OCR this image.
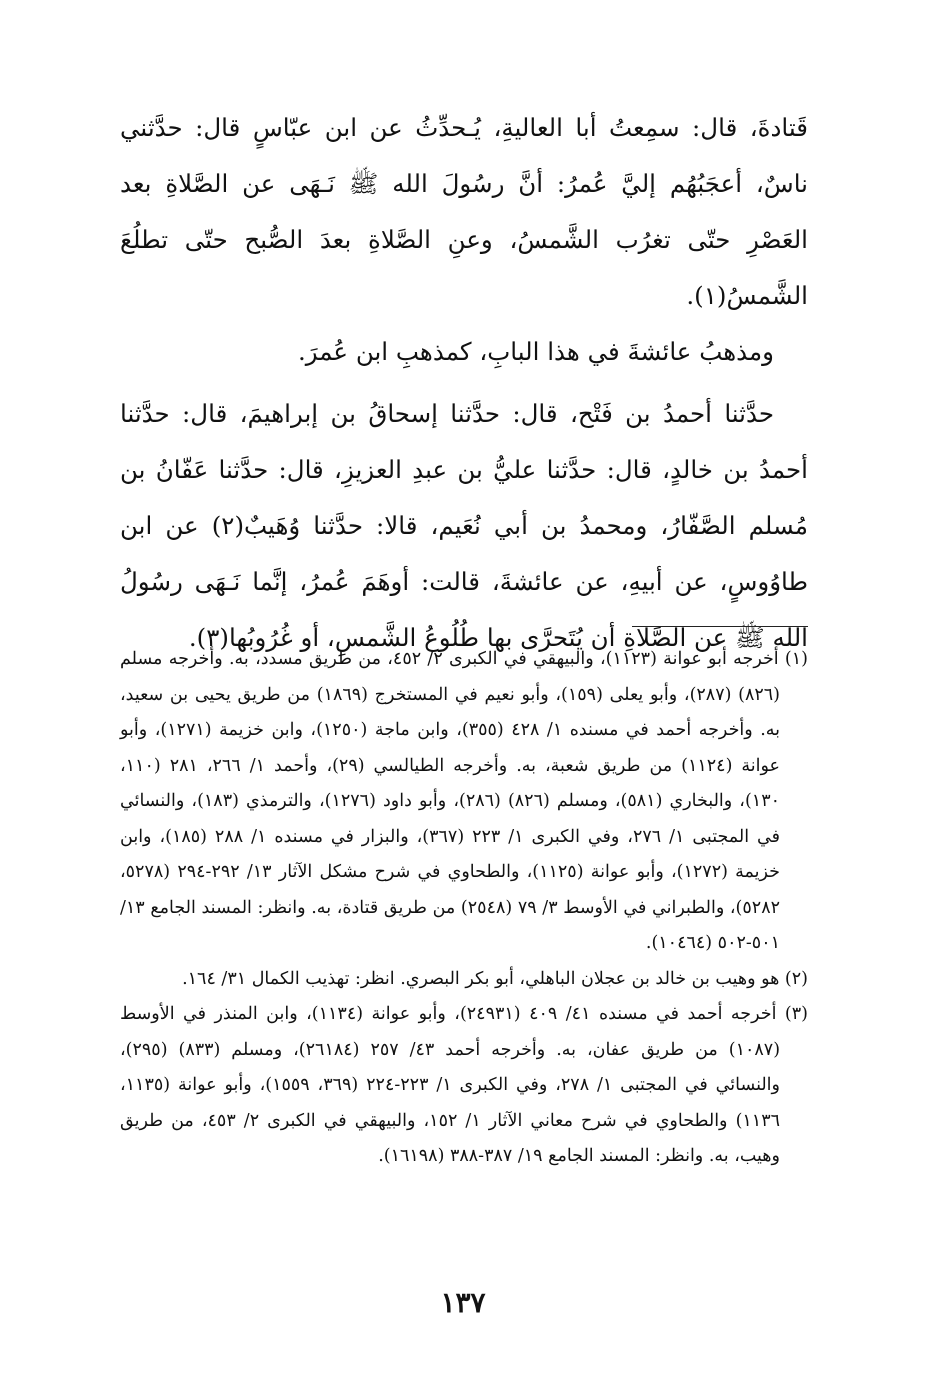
قَتادةَ، قال: سمِعتُ أبا العاليةِ، يُـحدِّثُ عن ابن عبّاسٍ قال: حدَّثني ناسٌ، أعجَبُهُم إليَّ عُمرُ: أنَّ رسُولَ الله ﷺ نَـهَى عن الصَّلاةِ بعد العَصْرِ حتّى تغرُب الشَّمسُ، وعنِ الصَّلاةِ بعدَ الصُّبح حتّى تطلُعَ الشَّمسُ(١).

ومذهبُ عائشةَ في هذا البابِ، كمذهبِ ابن عُمرَ.

حدَّثنا أحمدُ بن فَتْح، قال: حدَّثنا إسحاقُ بن إبراهيمَ، قال: حدَّثنا أحمدُ بن خالدٍ، قال: حدَّثنا عليُّ بن عبدِ العزيزِ، قال: حدَّثنا عَفّانُ بن مُسلم الصَّفّارُ، ومحمدُ بن أبي نُعَيم، قالا: حدَّثنا وُهَيبٌ(٢) عن ابن طاوُوسٍ، عن أبيهِ، عن عائشةَ، قالت: أوهَمَ عُمرُ، إنَّما نَـهَى رسُولُ الله ﷺ عن الصَّلاةِ أن يُتَحرَّى بها طُلُوعُ الشَّمسِ، أو غُرُوبُها(٣).

(١) أخرجه أبو عوانة (١١٢٣)، والبيهقي في الكبرى ٢/ ٤٥٢، من طريق مسدد، به. وأخرجه مسلم (٨٢٦) (٢٨٧)، وأبو يعلى (١٥٩)، وأبو نعيم في المستخرج (١٨٦٩) من طريق يحيى بن سعيد، به. وأخرجه أحمد في مسنده ١/ ٤٢٨ (٣٥٥)، وابن ماجة (١٢٥٠)، وابن خزيمة (١٢٧١)، وأبو عوانة (١١٢٤) من طريق شعبة، به. وأخرجه الطيالسي (٢٩)، وأحمد ١/ ٢٦٦، ٢٨١ (١١٠، ١٣٠)، والبخاري (٥٨١)، ومسلم (٨٢٦) (٢٨٦)، وأبو داود (١٢٧٦)، والترمذي (١٨٣)، والنسائي في المجتبى ١/ ٢٧٦، وفي الكبرى ١/ ٢٢٣ (٣٦٧)، والبزار في مسنده ١/ ٢٨٨ (١٨٥)، وابن خزيمة (١٢٧٢)، وأبو عوانة (١١٢٥)، والطحاوي في شرح مشكل الآثار ١٣/ ٢٩٢-٢٩٤ (٥٢٧٨، ٥٢٨٢)، والطبراني في الأوسط ٣/ ٧٩ (٢٥٤٨) من طريق قتادة، به. وانظر: المسند الجامع ١٣/ ٥٠١-٥٠٢ (١٠٤٦٤).

(٢) هو وهيب بن خالد بن عجلان الباهلي، أبو بكر البصري. انظر: تهذيب الكمال ٣١/ ١٦٤.

(٣) أخرجه أحمد في مسنده ٤١/ ٤٠٩ (٢٤٩٣١)، وأبو عوانة (١١٣٤)، وابن المنذر في الأوسط (١٠٨٧) من طريق عفان، به. وأخرجه أحمد ٤٣/ ٢٥٧ (٢٦١٨٤)، ومسلم (٨٣٣) (٢٩٥)، والنسائي في المجتبى ١/ ٢٧٨، وفي الكبرى ١/ ٢٢٣-٢٢٤ (٣٦٩، ١٥٥٩)، وأبو عوانة (١١٣٥، ١١٣٦) والطحاوي في شرح معاني الآثار ١/ ١٥٢، والبيهقي في الكبرى ٢/ ٤٥٣، من طريق وهيب، به. وانظر: المسند الجامع ١٩/ ٣٨٧-٣٨٨ (١٦١٩٨).

١٣٧
